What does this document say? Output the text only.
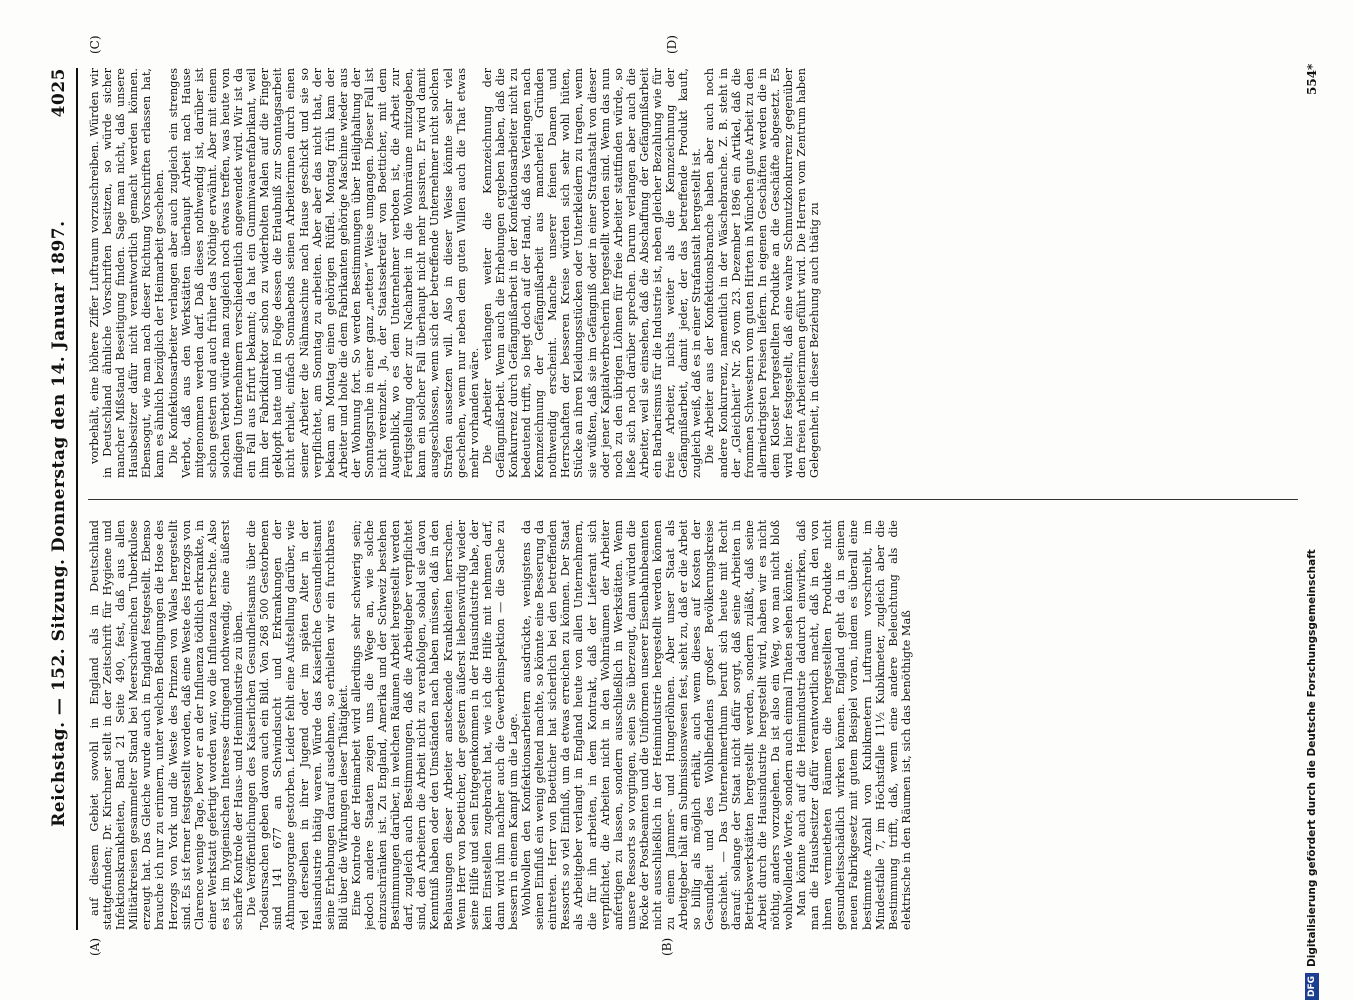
Reichstag. — 152. Sitzung. Donnerstag den 14. Januar 1897.
4025
(A)	(B)
(C)	(D)

auf diesem Gebiet sowohl in England als in Deutschland stattgefunden; Dr. Kirchner stellt in der Zeitschrift für Hygiene und Infektionskrankheiten, Band 21 Seite 490, fest, daß aus allen Militärkreisen gesammelter Stand bei Meerschweinchen Tuberkulose erzeugt hat. Das Gleiche wurde auch in England festgestellt. Ebenso brauche ich nur zu erinnern, unter welchen Bedingungen die Hose des Herzogs von York und die Weste des Prinzen von Wales hergestellt sind. Es ist ferner festgestellt worden, daß eine Weste des Herzogs von Clarence wenige Tage, bevor er an der Influenza tödtlich erkrankte, in einer Werkstatt gefertigt worden war, wo die Influenza herrschte. Also es ist im hygienischen Interesse dringend nothwendig, eine äußerst scharfe Kontrole der Haus- und Heimindustrie zu üben. Die Veröffentlichungen des Kaiserlichen Gesundheitsamts über die Todesursachen geben davon auch ein Bild. Von 268 500 Gestorbenen sind 141 677 an Schwindsucht und Erkrankungen der Athmungsorgane gestorben. Leider fehlt eine Aufstellung darüber, wie viel derselben in ihrer Jugend oder im späten Alter in der Hausindustrie thätig waren. Würde das Kaiserliche Gesundheitsamt seine Erhebungen darauf ausdehnen, so erhielten wir ein furchtbares Bild über die Wirkungen dieser Thätigkeit. Eine Kontrole der Heimarbeit wird allerdings sehr schwierig sein; jedoch andere Staaten zeigen uns die Wege an, wie solche einzuschränken ist. Zu England, Amerika und der Schweiz bestehen Bestimmungen darüber, in welchen Räumen Arbeit hergestellt werden darf, zugleich auch Bestimmungen, daß die Arbeitgeber verpflichtet sind, den Arbeitern die Arbeit nicht zu verabfolgen, sobald sie davon Kenntniß haben oder den Umständen nach haben müssen, daß in den Behausungen dieser Arbeiter ansteckende Krankheiten herrschen. Wenn Herr von Boetticher, der gestern äußerst liebenswürdig wieder seine Hilfe und sein Entgegenkommen in der Hausindustrie habe, der kein Einstellen zugebracht hat, wie ich die Hilfe mit nehmen darf, dann wird ihm nachher auch die Gewerbeinspektion — die Sache zu bessern in einem Kampf um die Lage. Wohlwollen den Konfektionsarbeitern ausdrückte, wenigstens da seinen Einfluß ein wenig geltend machte, so könnte eine Besserung da eintreten. Herr von Boetticher hat sicherlich bei den betreffenden Ressorts so viel Einfluß, um da etwas erreichen zu können. Der Staat als Arbeitgeber verlangt in England heute von allen Unternehmern, die für ihn arbeiten, in dem Kontrakt, daß der Lieferant sich verpflichtet, die Arbeiten nicht in den Wohnräumen der Arbeiter anfertigen zu lassen, sondern ausschließlich in Werkstätten. Wenn unsere Ressorts so vorgingen, seien Sie überzeugt, dann würden die Röcke der Postbeamten und die Uniformen unserer Eisenbahnbeamten nicht ausschließlich in der Heimindustrie hergestellt werden können zu einem Jammer- und Hungerlöhnen. Aber unser Staat als Arbeitgeber hält am Submissionswesen fest, sieht zu, daß er die Arbeit so billig als möglich erhält, auch wenn dieses auf Kosten der Gesundheit und des Wohlbefindens großer Bevölkerungskreise geschieht. — Das Unternehmerthum beruft sich heute mit Recht darauf: solange der Staat nicht dafür sorgt, daß seine Arbeiten in Betriebswerkstätten hergestellt werden, sondern zuläßt, daß seine Arbeit durch die Hausindustrie hergestellt wird, haben wir es nicht nöthig, anders vorzugehen. Da ist also ein Weg, wo man nicht bloß wohlwollende Worte, sondern auch einmal Thaten sehen könnte. Man könnte auch auf die Heimindustrie dadurch einwirken, daß man die Hausbesitzer dafür verantwortlich macht, daß in den von ihnen vermietheten Räumen die hergestellten Produkte nicht gesundheitsschädlich wirken können. England geht da in seinem neuen Fabrikgesetz mit gutem Beispiel voran, indem es überall eine bestimmte Anzahl von Kubikmetern Luftraum vorschreibt, im Mindestfalle 7, im Höchstfalle 11½ Kubikmeter, zugleich aber die Bestimmung trifft, daß, wenn eine andere Beleuchtung als die elektrische in den Räumen ist, sich das benöthigte Maß

vorbehält, eine höhere Ziffer Luftraum vorzuschreiben. Würden wir in Deutschland ähnliche Vorschriften besitzen, so würde sicher mancher Mißstand Beseitigung finden. Sage man nicht, daß unsere Hausbesitzer dafür nicht verantwortlich gemacht werden können. Ebensogut, wie man nach dieser Richtung Vorschriften erlassen hat, kann es ähnlich bezüglich der Heimarbeit geschehen. Die Konfektionsarbeiter verlangen aber auch zugleich ein strenges Verbot, daß aus den Werkstätten überhaupt Arbeit nach Hause mitgenommen werden darf. Daß dieses nothwendig ist, darüber ist schon gestern und auch früher das Nöthige erwähnt. Aber mit einem solchen Verbot würde man zugleich noch etwas treffen, was heute von findigen Unternehmern verschiedentlich angewendet wird. Wir ist da ein Fall aus Erfurt bekannt; da hat ein Gummiwaarenfabrikant, weil ihm der Fabrikdirektor schon zu widerholten Malen auf die Finger geklopft hatte und in Folge dessen die Erlaubniß zur Sonntagsarbeit nicht erhielt, einfach Sonnabends seinen Arbeiterinnen durch einen seiner Arbeiter die Nähmaschine nach Hause geschickt und sie so verpflichtet, am Sonntag zu arbeiten. Aber aber das nicht that, der bekam am Montag einen gehörigen Rüffel. Montag früh kam der Arbeiter und holte die dem Fabrikanten gehörige Maschine wieder aus der Wohnung fort. So werden Bestimmungen über Heilighaltung der Sonntagsruhe in einer ganz „netten“ Weise umgangen. Dieser Fall ist nicht vereinzelt. Ja, der Staatssekretär von Boetticher, mit dem Augenblick, wo es dem Unternehmer verboten ist, die Arbeit zur Fertigstellung oder zur Nacharbeit in die Wohnräume mitzugeben, kann ein solcher Fall überhaupt nicht mehr passiren. Er wird damit ausgeschlossen, wenn sich der betreffende Unternehmer nicht solchen Strafen aussetzen will. Also in dieser Weise könnte sehr viel geschehen, wenn nur neben dem guten Willen auch die That etwas mehr vorhanden wäre. Die Arbeiter verlangen weiter die Kennzeichnung der Gefängnißarbeit. Wenn auch die Erhebungen ergeben haben, daß die Konkurrenz durch Gefängnißarbeit in der Konfektionsarbeiter nicht zu bedeutend trifft, so liegt doch auf der Hand, daß das Verlangen nach Kennzeichnung der Gefängnißarbeit aus mancherlei Gründen nothwendig erscheint. Manche unserer feinen Damen und Herrschaften der besseren Kreise würden sich sehr wohl hüten, Stücke an ihren Kleidungsstücken oder Unterkleidern zu tragen, wenn sie wüßten, daß sie im Gefängniß oder in einer Strafanstalt von dieser oder jener Kapitalverbrecherin hergestellt worden sind. Wenn das nun noch zu den übrigen Löhnen für freie Arbeiter stattfinden würde, so ließe sich noch darüber sprechen. Darum verlangen aber auch die Arbeiter, weil sie einsehen, daß die Abschaffung der Gefängnißarbeit ein Barbarismus für die Industrie ist, neben gleicher Bezahlung wie für freie Arbeiter, nichts weiter als die Kennzeichnung der Gefängnißarbeit, damit jeder, der das betreffende Produkt kauft, zugleich weiß, daß es in einer Strafanstalt hergestellt ist. Die Arbeiter aus der Konfektionsbranche haben aber auch noch andere Konkurrenz, namentlich in der Wäschebranche. Z. B. steht in der „Gleichheit“ Nr. 26 vom 23. Dezember 1896 ein Artikel, daß die frommen Schwestern vom guten Hirten in München gute Arbeit zu den allerniedrigsten Preisen liefern. In eigenen Geschäften werden die in dem Kloster hergestellten Produkte an die Geschäfte abgesetzt. Es wird hier festgestellt, daß eine wahre Schmutzkonkurrenz gegenüber den freien Arbeiterinnen geführt wird. Die Herren vom Zentrum haben Gelegenheit, in dieser Beziehung auch thätig zu

554*
DFG
Digitalisierung gefördert durch die Deutsche Forschungsgemeinschaft
